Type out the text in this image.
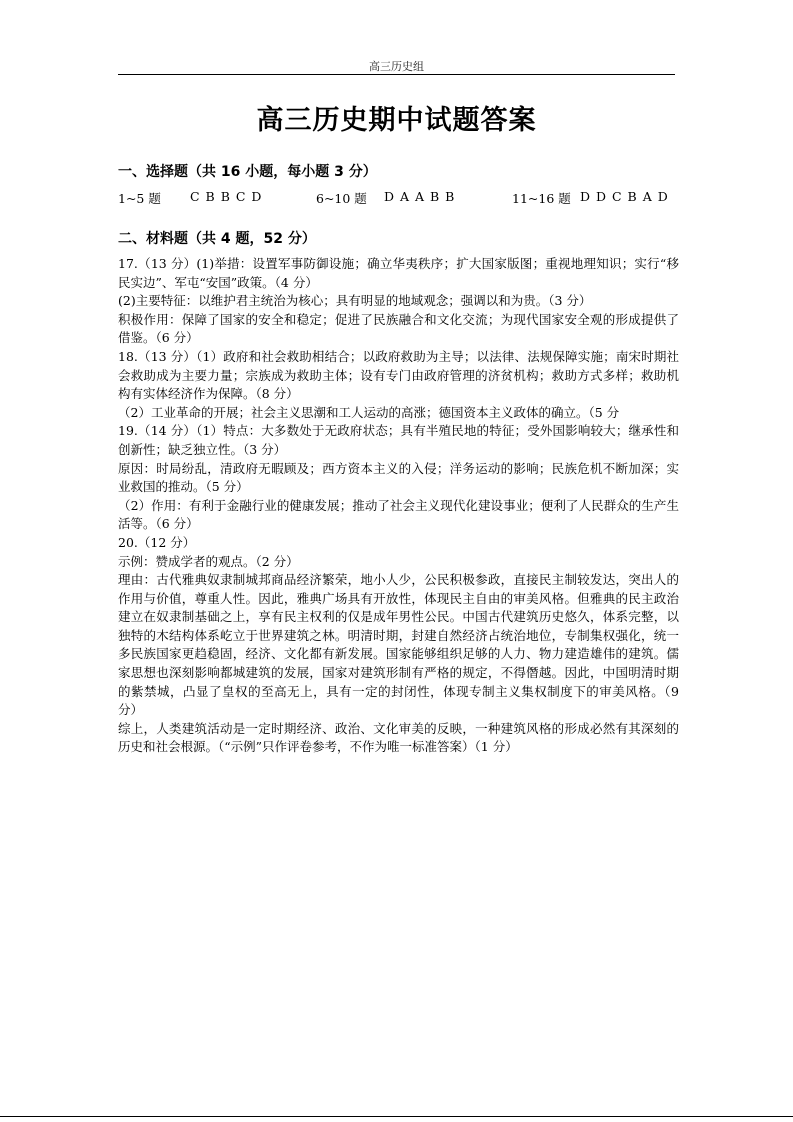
高三历史组
高三历史期中试题答案
一、选择题（共 16 小题，每小题 3 分）
1~5 题 C B B C D	6~10 题 D A A B B	11~16 题 D D C B A D
二、材料题（共 4 题，52 分）

17.（13 分）(1)举措：设置军事防御设施；确立华夷秩序；扩大国家版图；重视地理知识；实行“移民实边”、军屯“安国”政策。（4 分）

(2)主要特征：以维护君主统治为核心；具有明显的地域观念；强调以和为贵。（3 分）

积极作用：保障了国家的安全和稳定；促进了民族融合和文化交流；为现代国家安全观的形成提供了借鉴。（6 分）

18.（13 分）（1）政府和社会救助相结合；以政府救助为主导；以法律、法规保障实施；南宋时期社会救助成为主要力量；宗族成为救助主体；设有专门由政府管理的济贫机构；救助方式多样；救助机构有实体经济作为保障。（8 分）

（2）工业革命的开展；社会主义思潮和工人运动的高涨；德国资本主义政体的确立。（5 分

19.（14 分）（1）特点：大多数处于无政府状态；具有半殖民地的特征；受外国影响较大；继承性和创新性；缺乏独立性。（3 分）

原因：时局纷乱，清政府无暇顾及；西方资本主义的入侵；洋务运动的影响；民族危机不断加深；实业救国的推动。（5 分）

（2）作用：有利于金融行业的健康发展；推动了社会主义现代化建设事业；便利了人民群众的生产生活等。（6 分）

20.（12 分）

示例：赞成学者的观点。（2 分）

理由：古代雅典奴隶制城邦商品经济繁荣，地小人少，公民积极参政，直接民主制较发达，突出人的作用与价值，尊重人性。因此，雅典广场具有开放性，体现民主自由的审美风格。但雅典的民主政治建立在奴隶制基础之上，享有民主权利的仅是成年男性公民。中国古代建筑历史悠久，体系完整，以独特的木结构体系屹立于世界建筑之林。明清时期，封建自然经济占统治地位，专制集权强化，统一多民族国家更趋稳固，经济、文化都有新发展。国家能够组织足够的人力、物力建造雄伟的建筑。儒家思想也深刻影响都城建筑的发展，国家对建筑形制有严格的规定，不得僭越。因此，中国明清时期的紫禁城，凸显了皇权的至高无上，具有一定的封闭性，体现专制主义集权制度下的审美风格。（9 分）

综上，人类建筑活动是一定时期经济、政治、文化审美的反映，一种建筑风格的形成必然有其深刻的历史和社会根源。（“示例”只作评卷参考，不作为唯一标准答案）（1 分）
